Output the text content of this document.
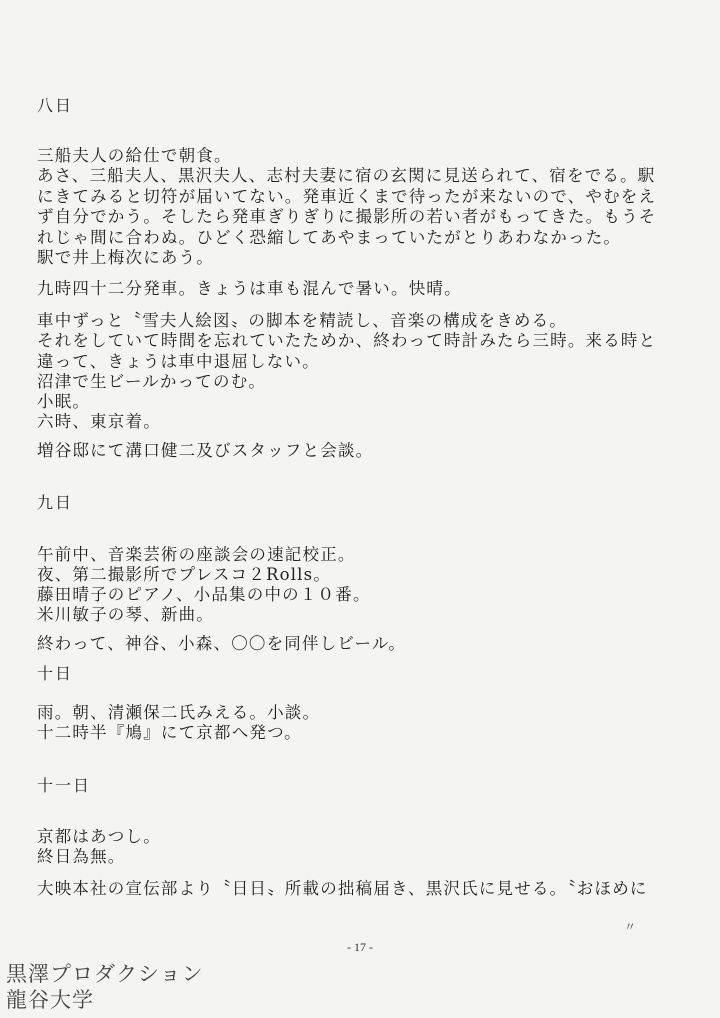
八日
三船夫人の給仕で朝食。
あさ、三船夫人、黒沢夫人、志村夫妻に宿の玄関に見送られて、宿をでる。駅
にきてみると切符が届いてない。発車近くまで待ったが来ないので、やむをえ
ず自分でかう。そしたら発車ぎりぎりに撮影所の若い者がもってきた。もうそ
れじゃ間に合わぬ。ひどく恐縮してあやまっていたがとりあわなかった。
駅で井上梅次にあう。
九時四十二分発車。きょうは車も混んで暑い。快晴。
車中ずっと〝雪夫人絵図〟の脚本を精読し、音楽の構成をきめる。
それをしていて時間を忘れていたためか、終わって時計みたら三時。来る時と
違って、きょうは車中退屈しない。
沼津で生ビールかってのむ。
小眠。
六時、東京着。
増谷邸にて溝口健二及びスタッフと会談。
九日
午前中、音楽芸術の座談会の速記校正。
夜、第二撮影所でプレスコ２Rolls。
藤田晴子のピアノ、小品集の中の１０番。
米川敏子の琴、新曲。
終わって、神谷、小森、〇〇を同伴しビール。
十日
雨。朝、清瀬保二氏みえる。小談。
十二時半『鳩』にて京都へ発つ。
十一日
京都はあつし。
終日為無。
大映本社の宣伝部より〝日日〟所載の拙稿届き、黒沢氏に見せる。〝おほめに
〃
- 17 -
黒澤プロダクション
龍谷大学
